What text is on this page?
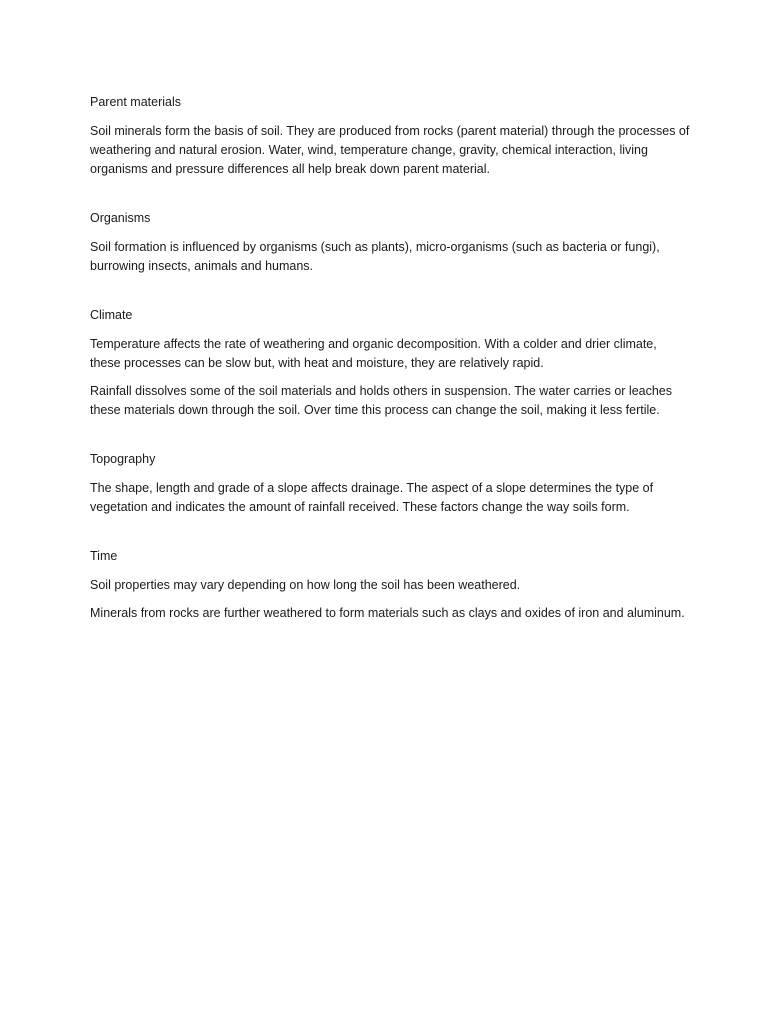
Parent materials

Soil minerals form the basis of soil. They are produced from rocks (parent material) through the processes of weathering and natural erosion. Water, wind, temperature change, gravity, chemical interaction, living organisms and pressure differences all help break down parent material.

Organisms

Soil formation is influenced by organisms (such as plants), micro-organisms (such as bacteria or fungi), burrowing insects, animals and humans.

Climate

Temperature affects the rate of weathering and organic decomposition. With a colder and drier climate, these processes can be slow but, with heat and moisture, they are relatively rapid.

Rainfall dissolves some of the soil materials and holds others in suspension. The water carries or leaches these materials down through the soil. Over time this process can change the soil, making it less fertile.

Topography

The shape, length and grade of a slope affects drainage. The aspect of a slope determines the type of vegetation and indicates the amount of rainfall received. These factors change the way soils form.

Time

Soil properties may vary depending on how long the soil has been weathered.

Minerals from rocks are further weathered to form materials such as clays and oxides of iron and aluminum.
